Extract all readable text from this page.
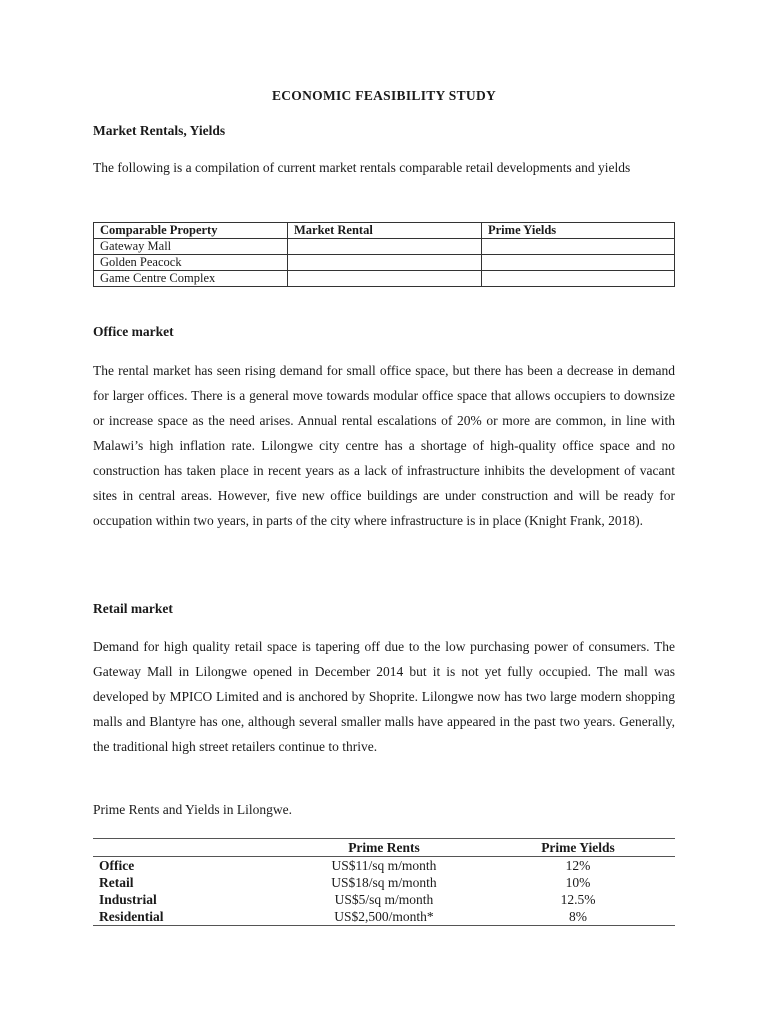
ECONOMIC FEASIBILITY STUDY
Market Rentals, Yields
The following is a compilation of current market rentals comparable retail developments and yields
Comparable Property	Market Rental	Prime Yields
Gateway Mall		
Golden Peacock		
Game Centre Complex		
Office market
The rental market has seen rising demand for small office space, but there has been a decrease in demand for larger offices. There is a general move towards modular office space that allows occupiers to downsize or increase space as the need arises. Annual rental escalations of 20% or more are common, in line with Malawi’s high inflation rate. Lilongwe city centre has a shortage of high-quality office space and no construction has taken place in recent years as a lack of infrastructure inhibits the development of vacant sites in central areas. However, five new office buildings are under construction and will be ready for occupation within two years, in parts of the city where infrastructure is in place (Knight Frank, 2018).
Retail market
Demand for high quality retail space is tapering off due to the low purchasing power of consumers. The Gateway Mall in Lilongwe opened in December 2014 but it is not yet fully occupied. The mall was developed by MPICO Limited and is anchored by Shoprite. Lilongwe now has two large modern shopping malls and Blantyre has one, although several smaller malls have appeared in the past two years. Generally, the traditional high street retailers continue to thrive.
Prime Rents and Yields in Lilongwe.
	Prime Rents	Prime Yields
Office	US$11/sq m/month	12%
Retail	US$18/sq m/month	10%
Industrial	US$5/sq m/month	12.5%
Residential	US$2,500/month*	8%
